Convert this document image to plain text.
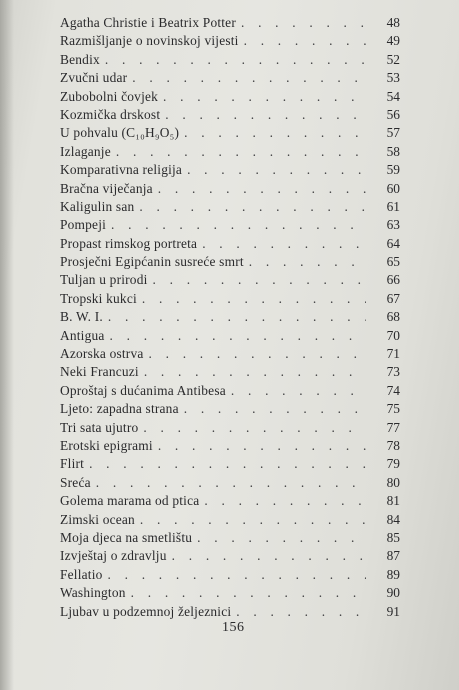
Agatha Christie i Beatrix Potter . . .	48
Razmišljanje o novinskoj vijesti . . .	49
Bendix . . .	52
Zvučni udar . . .	53
Zubobolni čovjek . . .	54
Kozmička drskost . . .	56
U pohvalu (C₁₀H₉O₅) . . .	57
Izlaganje . . .	58
Komparativna religija . . .	59
Bračna viječanja . . .	60
Kaligulin san . . .	61
Pompeji . . .	63
Propast rimskog portreta . . .	64
Prosječni Egipćanin susreće smrt . . .	65
Tuljan u prirodi . . .	66
Tropski kukci . . .	67
B. W. I. . . .	68
Antigua . . .	70
Azorska ostrva . . .	71
Neki Francuzi . . .	73
Oproštaj s dućanima Antibesa . . .	74
Ljeto: zapadna strana . . .	75
Tri sata ujutro . . .	77
Erotski epigrami . . .	78
Flirt . . .	79
Sreća . . .	80
Golema marama od ptica . . .	81
Zimski ocean . . .	84
Moja djeca na smetlištu . . .	85
Izvještaj o zdravlju . . .	87
Fellatio . . .	89
Washington . . .	90
Ljubav u podzemnoj željeznici . . .	91
156
